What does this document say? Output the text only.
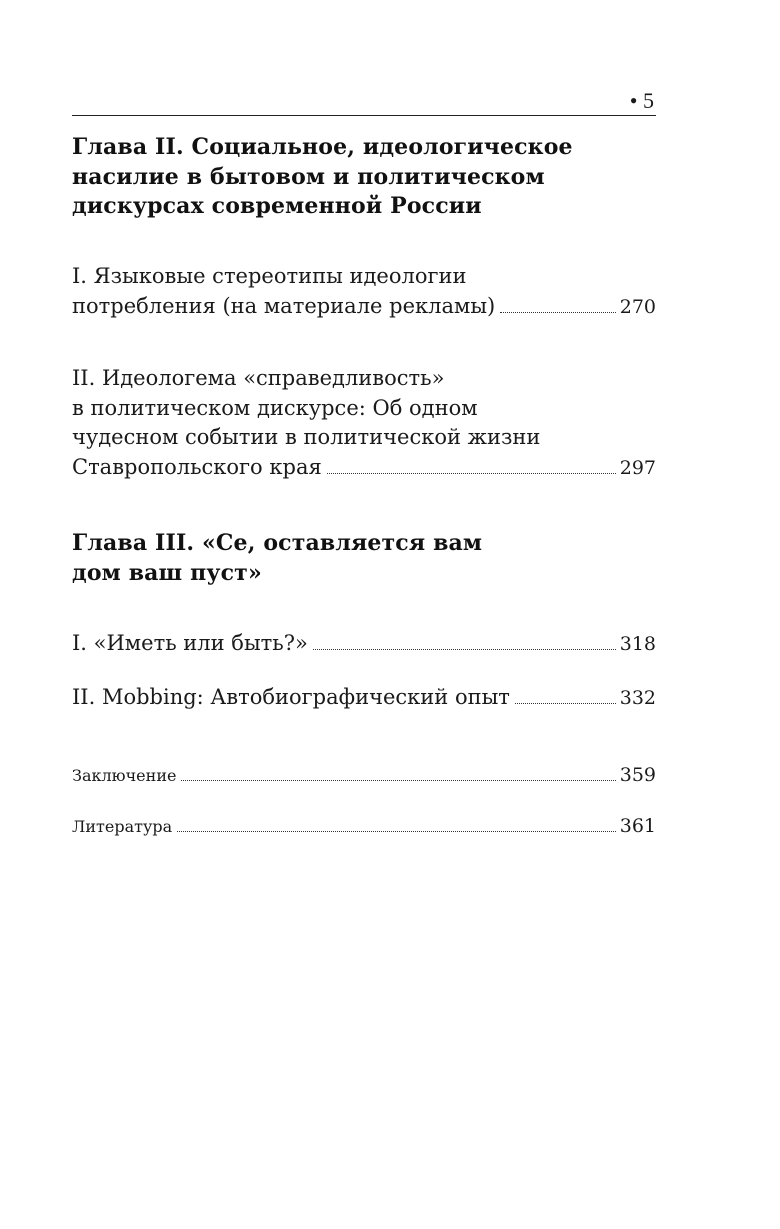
• 5
Глава II. Социальное, идеологическое
насилие в бытовом и политическом
дискурсах современной России
I. Языковые стереотипы идеологии
потребления (на материале рекламы)	270
II. Идеологема «справедливость»
в политическом дискурсе: Об одном
чудесном событии в политической жизни
Ставропольского края	297
Глава III. «Се, оставляется вам
дом ваш пуст»
I. «Иметь или быть?»	318
II. Mobbing: Автобиографический опыт	332
Заключение	359
Литература	361
